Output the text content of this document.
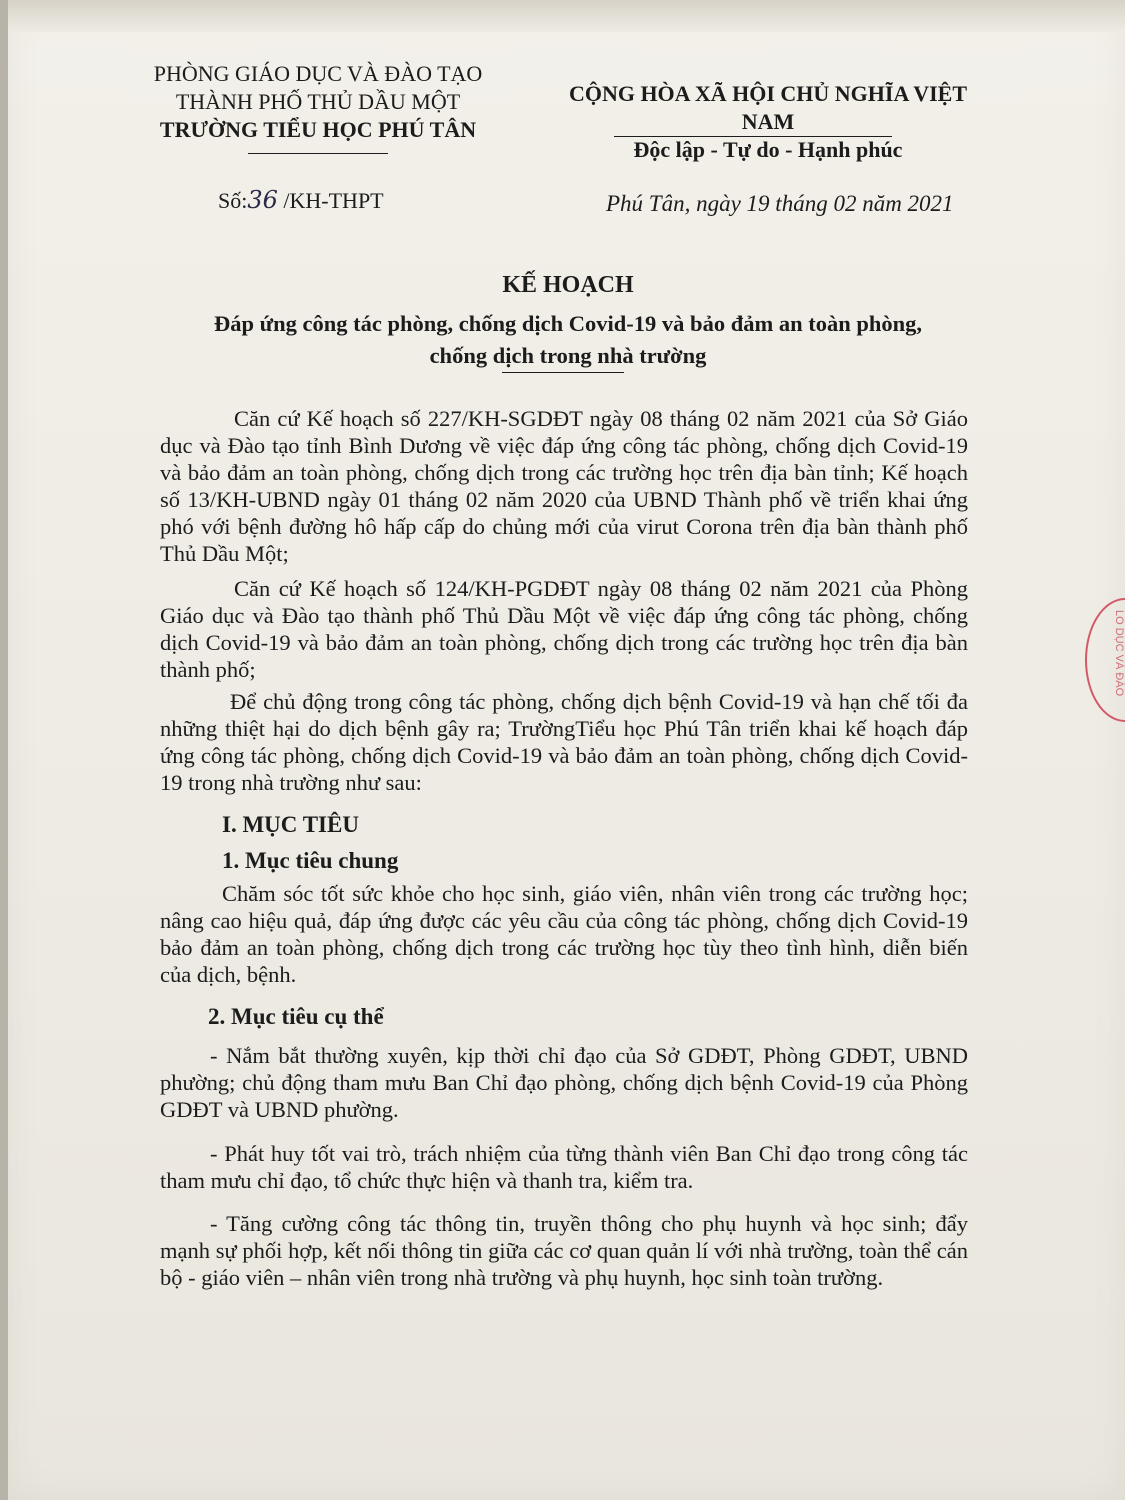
PHÒNG GIÁO DỤC VÀ ĐÀO TẠO
THÀNH PHỐ THỦ DẦU MỘT
TRƯỜNG TIỂU HỌC PHÚ TÂN
CỘNG HÒA XÃ HỘI CHỦ NGHĨA VIỆT NAM
Độc lập - Tự do - Hạnh phúc
Số:36 /KH-THPT	Phú Tân, ngày 19 tháng 02 năm 2021
KẾ HOẠCH
Đáp ứng công tác phòng, chống dịch Covid-19 và bảo đảm an toàn phòng,
chống dịch trong nhà trường
Căn cứ Kế hoạch số 227/KH-SGDĐT ngày 08 tháng 02 năm 2021 của Sở Giáo dục và Đào tạo tỉnh Bình Dương về việc đáp ứng công tác phòng, chống dịch Covid-19 và bảo đảm an toàn phòng, chống dịch trong các trường học trên địa bàn tỉnh; Kế hoạch số 13/KH-UBND ngày 01 tháng 02 năm 2020 của UBND Thành phố về triển khai ứng phó với bệnh đường hô hấp cấp do chủng mới của virut Corona trên địa bàn thành phố Thủ Dầu Một;
Căn cứ Kế hoạch số 124/KH-PGDĐT ngày 08 tháng 02 năm 2021 của Phòng Giáo dục và Đào tạo thành phố Thủ Dầu Một về việc đáp ứng công tác phòng, chống dịch Covid-19 và bảo đảm an toàn phòng, chống dịch trong các trường học trên địa bàn thành phố;
Để chủ động trong công tác phòng, chống dịch bệnh Covid-19 và hạn chế tối đa những thiệt hại do dịch bệnh gây ra; TrườngTiểu học Phú Tân triển khai kế hoạch đáp ứng công tác phòng, chống dịch Covid-19 và bảo đảm an toàn phòng, chống dịch Covid-19 trong nhà trường như sau:
I. MỤC TIÊU
1. Mục tiêu chung
Chăm sóc tốt sức khỏe cho học sinh, giáo viên, nhân viên trong các trường học; nâng cao hiệu quả, đáp ứng được các yêu cầu của công tác phòng, chống dịch Covid-19 bảo đảm an toàn phòng, chống dịch trong các trường học tùy theo tình hình, diễn biến của dịch, bệnh.
2. Mục tiêu cụ thể
- Nắm bắt thường xuyên, kịp thời chỉ đạo của Sở GDĐT, Phòng GDĐT, UBND phường; chủ động tham mưu Ban Chỉ đạo phòng, chống dịch bệnh Covid-19 của Phòng GDĐT và UBND phường.
- Phát huy tốt vai trò, trách nhiệm của từng thành viên Ban Chỉ đạo trong công tác tham mưu chỉ đạo, tổ chức thực hiện và thanh tra, kiểm tra.
- Tăng cường công tác thông tin, truyền thông cho phụ huynh và học sinh; đẩy mạnh sự phối hợp, kết nối thông tin giữa các cơ quan quản lí với nhà trường, toàn thể cán bộ - giáo viên – nhân viên trong nhà trường và phụ huynh, học sinh toàn trường.
LO DỤC VÀ ĐÀO
